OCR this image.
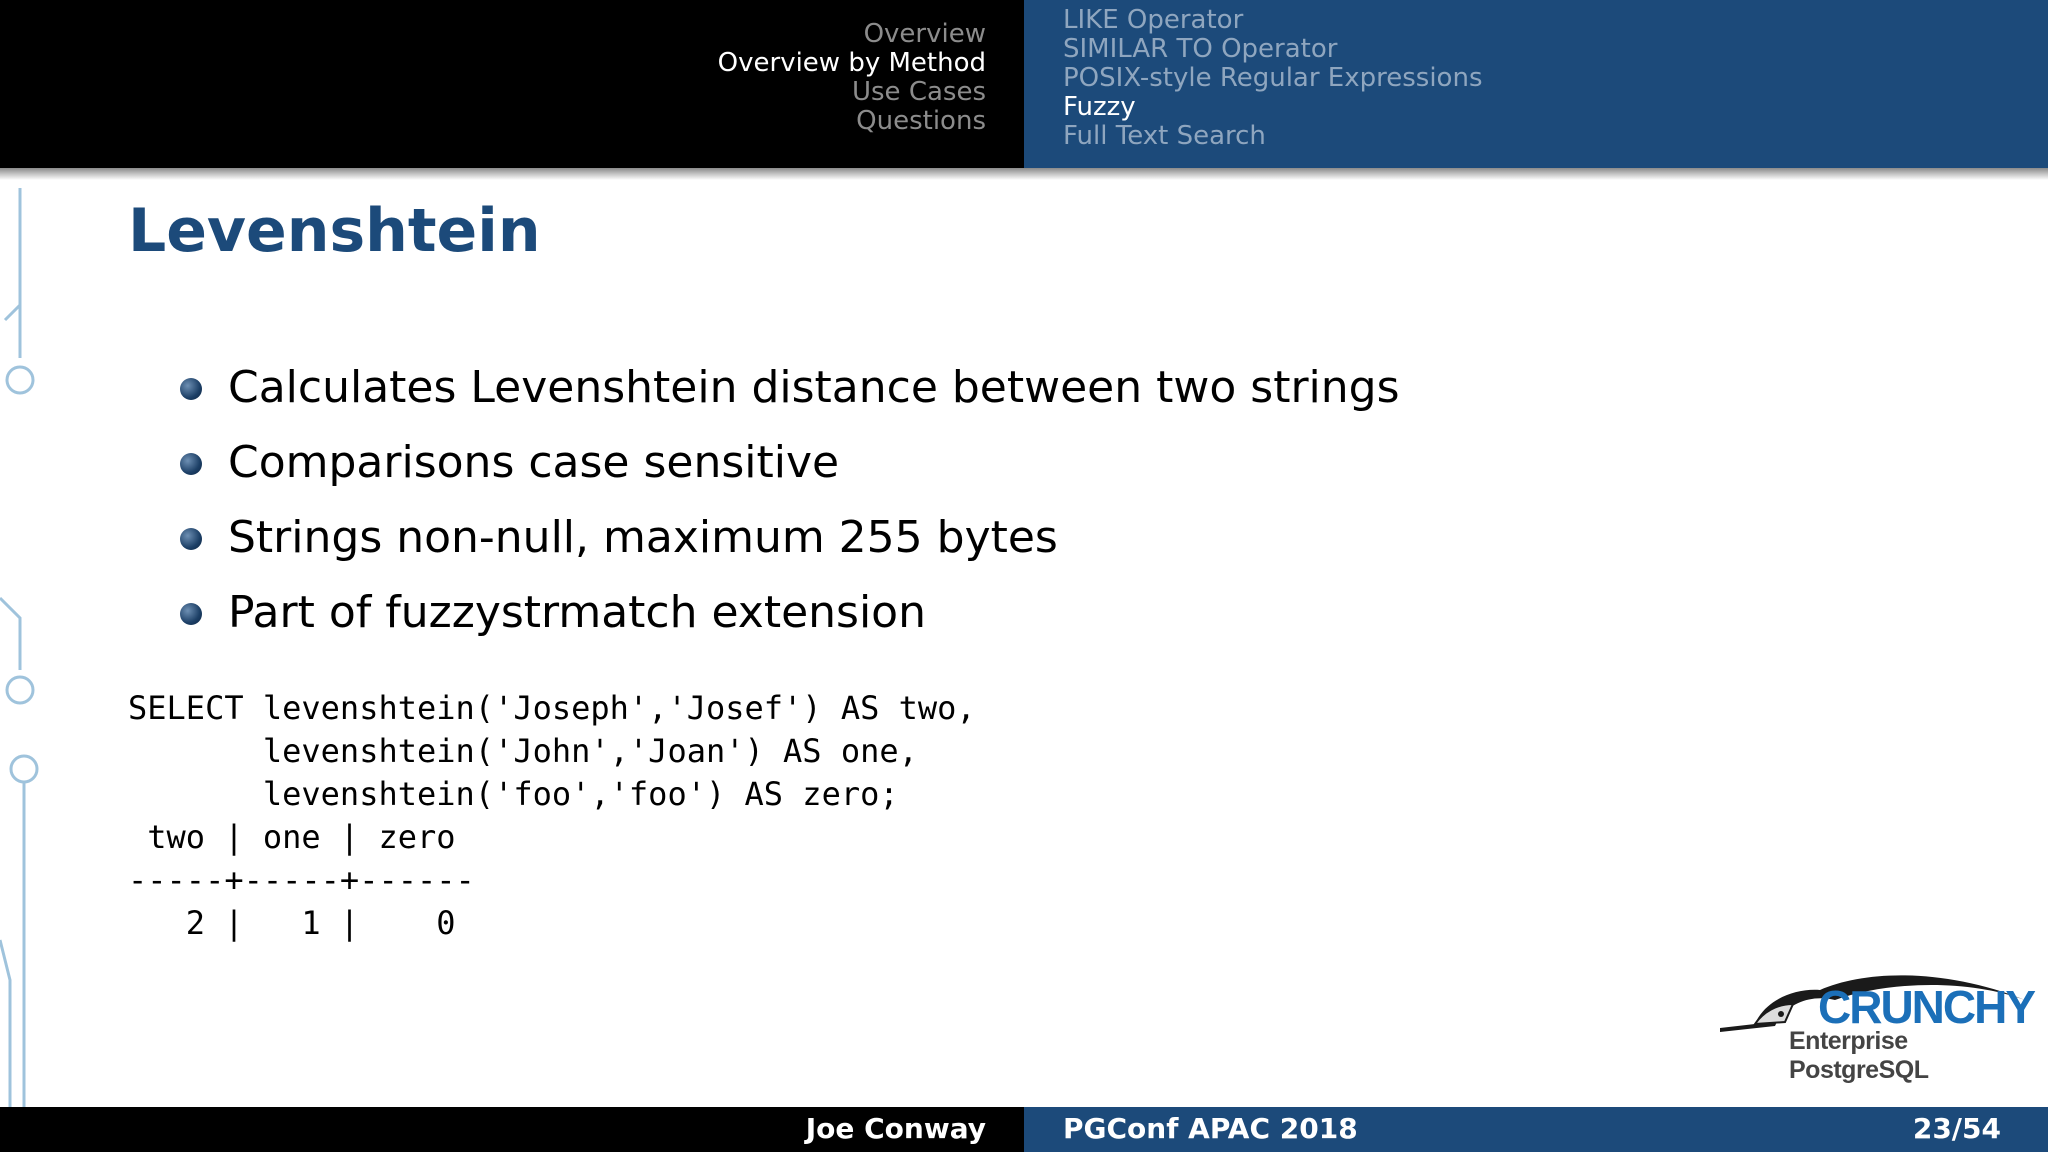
Overview
Overview by Method
Use Cases
Questions
LIKE Operator
SIMILAR TO Operator
POSIX-style Regular Expressions
Fuzzy
Full Text Search
Levenshtein
Calculates Levenshtein distance between two strings
Comparisons case sensitive
Strings non-null, maximum 255 bytes
Part of fuzzystrmatch extension
SELECT levenshtein('Joseph','Josef') AS two,
levenshtein('John','Joan') AS one,
levenshtein('foo','foo') AS zero;
two | one | zero
-----+-----+------
2 |   1 |    0
CRUNCHY
Enterprise PostgreSQL
Joe Conway	PGConf APAC 2018	23/54
